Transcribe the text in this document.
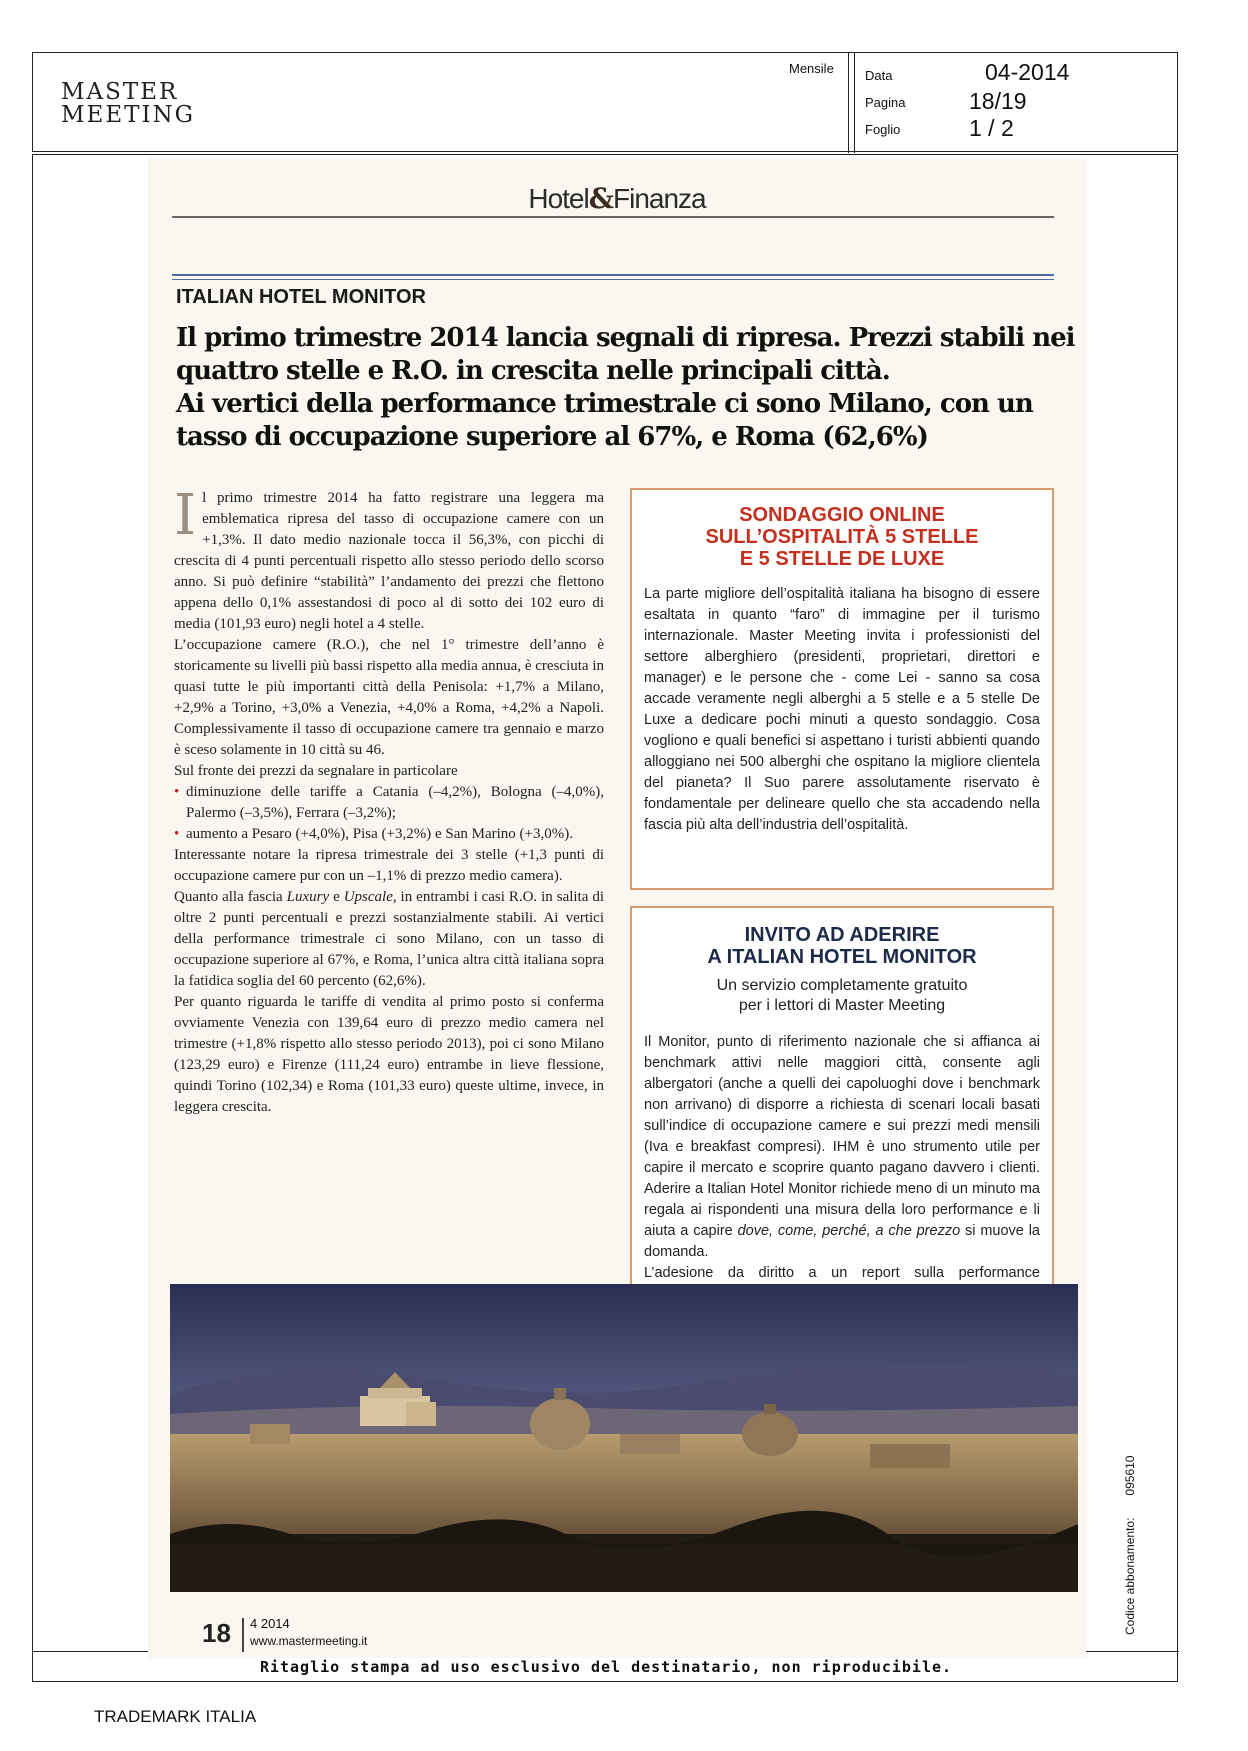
MASTER
MEETING
Mensile Data	04-2014
Pagina	18/19
Foglio	1 / 2
Ritaglio stampa ad uso esclusivo del destinatario, non riproducibile.
Codice abbonamento:095610
Hotel&Finanza
ITALIAN HOTEL MONITOR
Il primo trimestre 2014 lancia segnali di ripresa. Prezzi stabili nei
quattro stelle e R.O. in crescita nelle principali città.
Ai vertici della performance trimestrale ci sono Milano, con un
tasso di occupazione superiore al 67%, e Roma (62,6%)

Il primo trimestre 2014 ha fatto registrare una leggera ma emblematica ripresa del tasso di occupazione camere con un +1,3%. Il dato medio nazionale tocca il 56,3%, con picchi di crescita di 4 punti percentuali rispetto allo stesso periodo dello scorso anno. Si può definire “stabilità” l’andamento dei prezzi che flettono appena dello 0,1% assestandosi di poco al di sotto dei 102 euro di media (101,93 euro) negli hotel a 4 stelle.

L’occupazione camere (R.O.), che nel 1° trimestre dell’anno è storicamente su livelli più bassi rispetto alla media annua, è cresciuta in quasi tutte le più importanti città della Penisola: +1,7% a Milano, +2,9% a Torino, +3,0% a Venezia, +4,0% a Roma, +4,2% a Napoli. Complessivamente il tasso di occupazione camere tra gennaio e marzo è sceso solamente in 10 città su 46.

Sul fronte dei prezzi da segnalare in particolare

• diminuzione delle tariffe a Catania (–4,2%), Bologna (–4,0%), Palermo (–3,5%), Ferrara (–3,2%);

• aumento a Pesaro (+4,0%), Pisa (+3,2%) e San Marino (+3,0%).

Interessante notare la ripresa trimestrale dei 3 stelle (+1,3 punti di occupazione camere pur con un –1,1% di prezzo medio camera).

Quanto alla fascia Luxury e Upscale, in entrambi i casi R.O. in salita di oltre 2 punti percentuali e prezzi sostanzialmente stabili. Ai vertici della performance trimestrale ci sono Milano, con un tasso di occupazione superiore al 67%, e Roma, l’unica altra città italiana sopra la fatidica soglia del 60 percento (62,6%).

Per quanto riguarda le tariffe di vendita al primo posto si conferma ovviamente Venezia con 139,64 euro di prezzo medio camera nel trimestre (+1,8% rispetto allo stesso periodo 2013), poi ci sono Milano (123,29 euro) e Firenze (111,24 euro) entrambe in lieve flessione, quindi Torino (102,34) e Roma (101,33 euro) queste ultime, invece, in leggera crescita.

SONDAGGIO ONLINE
SULL’OSPITALITÀ 5 STELLE
E 5 STELLE DE LUXE
La parte migliore dell’ospitalità italiana ha bisogno di essere esaltata in quanto “faro” di immagine per il turismo internazionale. Master Meeting invita i professionisti del settore alberghiero (presidenti, proprietari, direttori e manager) e le persone che - come Lei - sanno sa cosa accade veramente negli alberghi a 5 stelle e a 5 stelle De Luxe a dedicare pochi minuti a questo sondaggio. Cosa vogliono e quali benefici si aspettano i turisti abbienti quando alloggiano nei 500 alberghi che ospitano la migliore clientela del pianeta? Il Suo parere assolutamente riservato è fondamentale per delineare quello che sta accadendo nella fascia più alta dell’industria dell’ospitalità.
INVITO AD ADERIRE
A ITALIAN HOTEL MONITOR
Un servizio completamente gratuito
per i lettori di Master Meeting
Il Monitor, punto di riferimento nazionale che si affianca ai benchmark attivi nelle maggiori città, consente agli albergatori (anche a quelli dei capoluoghi dove i benchmark non arrivano) di disporre a richiesta di scenari locali basati sull’indice di occupazione camere e sui prezzi medi mensili (Iva e breakfast compresi). IHM è uno strumento utile per capire il mercato e scoprire quanto pagano davvero i clienti. Aderire a Italian Hotel Monitor richiede meno di un minuto ma regala ai rispondenti una misura della loro performance e li aiuta a capire dove, come, perché, a che prezzo si muove la domanda.
L’adesione da diritto a un report sulla performance
18 4 2014
www.mastermeeting.it
TRADEMARK ITALIA
